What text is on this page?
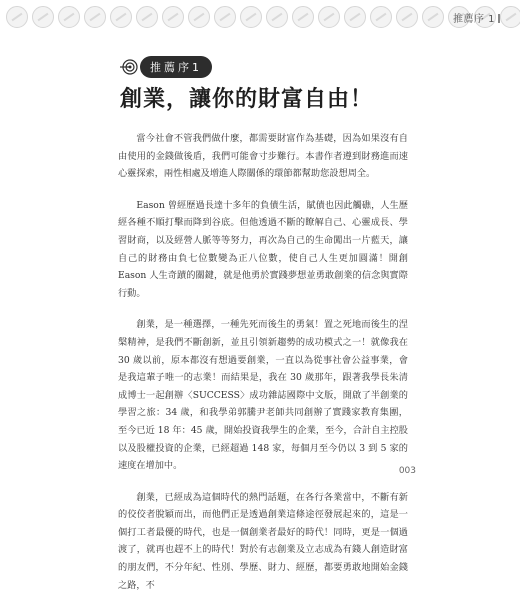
推薦序 1
推薦序1
創業，讓你的財富自由！

當今社會不管我們做什麼，都需要財富作為基礎，因為如果沒有自由使用的金錢做後盾，我們可能會寸步難行。本書作者遵到財務進而速心靈探索，兩性相處及增進人際關係的環節都幫助您設想周全。

Eason 曾經歷過長達十多年的負債生活，賦債也因此觸礁，人生歷經各種不順打擊而降到谷底。但他透過不斷的瞭解自己、心靈成長、學習財商，以及經營人脈等等努力，再次為自己的生命闖出一片藍天，讓自己的財務由負七位數變為正八位數，使自己人生更加圓滿！開創 Eason 人生奇蹟的關鍵，就是他勇於實踐夢想並勇敢創業的信念與實際行動。

創業，是一種選擇，一種先死而後生的勇氣！置之死地而後生的涅槃精神，是我們不斷創新，並且引領新趨勢的成功模式之一！就像我在 30 歲以前，原本都沒有想過要創業，一直以為從事社會公益事業，會是我這輩子唯一的志業！而結果是，我在 30 歲那年，跟著我學長朱清成博士一起創辦〈SUCCESS〉成功雜誌國際中文版，開啟了半創業的學習之旅：34 歲，和我學弟郭騰尹老師共同創辦了實踐家教育集團，至今已近 18 年：45 歲，開始投資我學生的企業，至今，合計自主控股以及股權投資的企業，已經超過 148 家，每個月至今仍以 3 到 5 家的速度在增加中。

創業，已經成為這個時代的熱門話題，在各行各業當中，不斷有新的佼佼者脫穎而出，而他們正是透過創業這條途徑發展起來的，這是一個打工者最優的時代，也是一個創業者最好的時代！同時，更是一個過渡了，就再也趕不上的時代！對於有志創業及立志成為有錢人創造財富的朋友們，不分年紀、性別、學歷、財力、經歷，都要勇敢地開始金錢之路，不

003
